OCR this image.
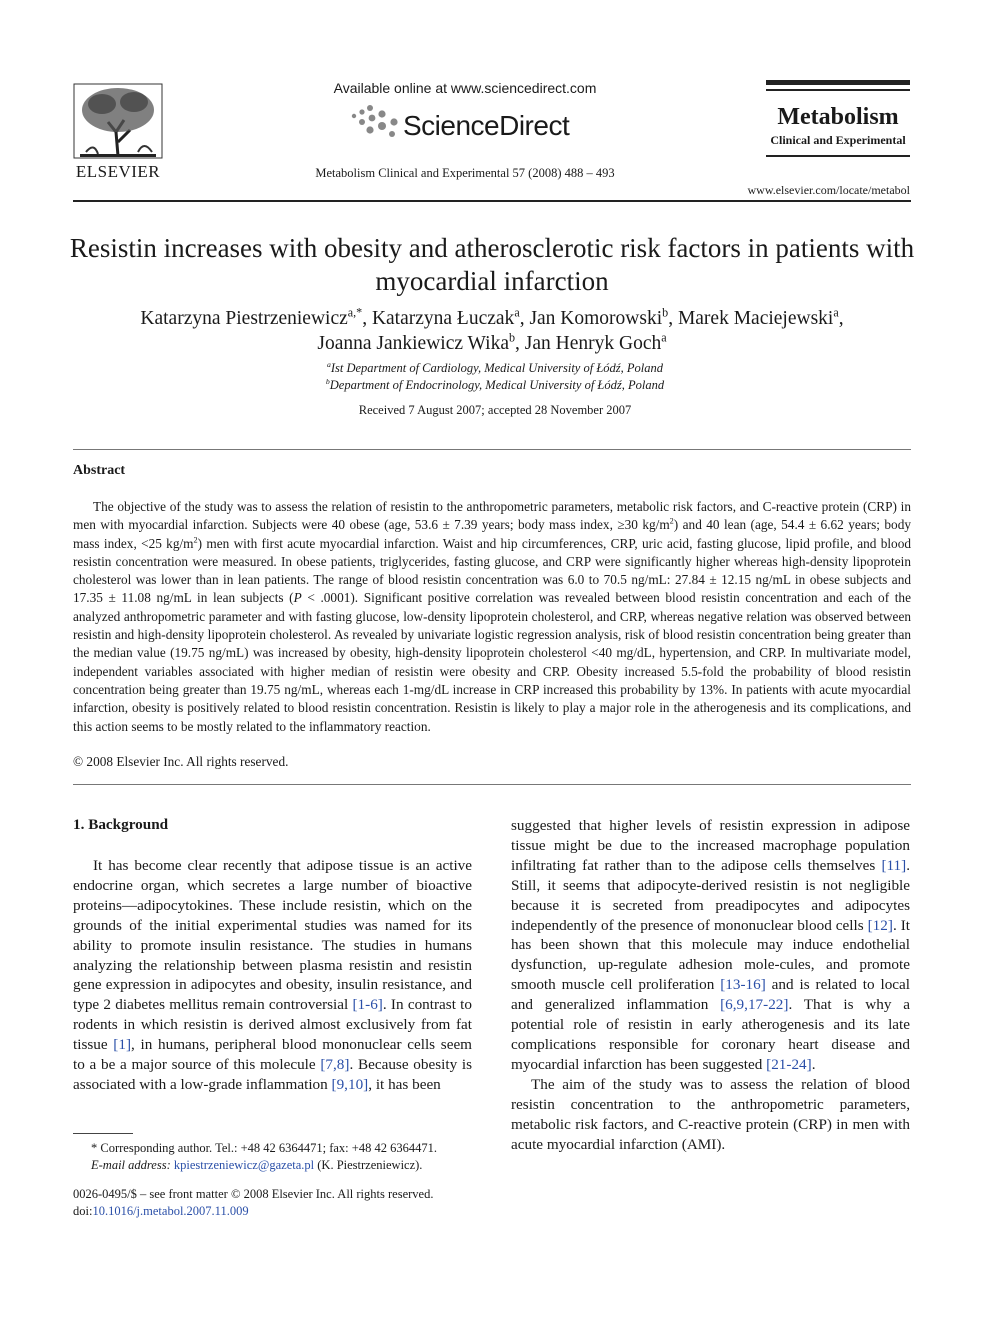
ELSEVIER
Available online at www.sciencedirect.com
ScienceDirect
Metabolism Clinical and Experimental 57 (2008) 488 – 493
Metabolism
Clinical and Experimental
www.elsevier.com/locate/metabol
Resistin increases with obesity and atherosclerotic risk factors in patients with myocardial infarction
Katarzyna Piestrzeniewicz$^{a,*}$, Katarzyna Łuczak$^a$, Jan Komorowski$^b$, Marek Maciejewski$^a$,
Joanna Jankiewicz Wika$^b$, Jan Henryk Goch$^a$
$^a$Ist Department of Cardiology, Medical University of Łódź, Poland
$^b$Department of Endocrinology, Medical University of Łódź, Poland
Received 7 August 2007; accepted 28 November 2007
Abstract
The objective of the study was to assess the relation of resistin to the anthropometric parameters, metabolic risk factors, and C-reactive protein (CRP) in men with myocardial infarction. Subjects were 40 obese (age, 53.6 ± 7.39 years; body mass index, ≥30 $kg/m^2$) and 40 lean (age, 54.4 ± 6.62 years; body mass index, <25 $kg/m^2$) men with first acute myocardial infarction. Waist and hip circumferences, CRP, uric acid, fasting glucose, lipid profile, and blood resistin concentration were measured. In obese patients, triglycerides, fasting glucose, and CRP were significantly higher whereas high-density lipoprotein cholesterol was lower than in lean patients. The range of blood resistin concentration was 6.0 to 70.5 ng/mL: 27.84 ± 12.15 ng/mL in obese subjects and 17.35 ± 11.08 ng/mL in lean subjects (P < .0001). Significant positive correlation was revealed between blood resistin concentration and each of the analyzed anthropometric parameter and with fasting glucose, low-density lipoprotein cholesterol, and CRP, whereas negative relation was observed between resistin and high-density lipoprotein cholesterol. As revealed by univariate logistic regression analysis, risk of blood resistin concentration being greater than the median value (19.75 ng/mL) was increased by obesity, high-density lipoprotein cholesterol <40 mg/dL, hypertension, and CRP. In multivariate model, independent variables associated with higher median of resistin were obesity and CRP. Obesity increased 5.5-fold the probability of blood resistin concentration being greater than 19.75 ng/mL, whereas each 1-mg/dL increase in CRP increased this probability by 13%. In patients with acute myocardial infarction, obesity is positively related to blood resistin concentration. Resistin is likely to play a major role in the atherogenesis and its complications, and this action seems to be mostly related to the inflammatory reaction.
© 2008 Elsevier Inc. All rights reserved.
1. Background
It has become clear recently that adipose tissue is an active endocrine organ, which secretes a large number of bioactive proteins—adipocytokines. These include resistin, which on the grounds of the initial experimental studies was named for its ability to promote insulin resistance. The studies in humans analyzing the relationship between plasma resistin and resistin gene expression in adipocytes and obesity, insulin resistance, and type 2 diabetes mellitus remain controversial [1-6]. In contrast to rodents in which resistin is derived almost exclusively from fat tissue [1], in humans, peripheral blood mononuclear cells seem to a be a major source of this molecule [7,8]. Because obesity is associated with a low-grade inflammation [9,10], it has been

suggested that higher levels of resistin expression in adipose tissue might be due to the increased macrophage population infiltrating fat rather than to the adipose cells themselves [11]. Still, it seems that adipocyte-derived resistin is not negligible because it is secreted from preadipocytes and adipocytes independently of the presence of mononuclear blood cells [12]. It has been shown that this molecule may induce endothelial dysfunction, up-regulate adhesion mole-cules, and promote smooth muscle cell proliferation [13-16] and is related to local and generalized inflammation [6,9,17-22]. That is why a potential role of resistin in early atherogenesis and its late complications responsible for coronary heart disease and myocardial infarction has been suggested [21-24].

The aim of the study was to assess the relation of blood resistin concentration to the anthropometric parameters, metabolic risk factors, and C-reactive protein (CRP) in men with acute myocardial infarction (AMI).

* Corresponding author. Tel.: +48 42 6364471; fax: +48 42 6364471.
E-mail address: kpiestrzeniewicz@gazeta.pl (K. Piestrzeniewicz).
0026-0495/$ – see front matter © 2008 Elsevier Inc. All rights reserved.
doi:10.1016/j.metabol.2007.11.009
